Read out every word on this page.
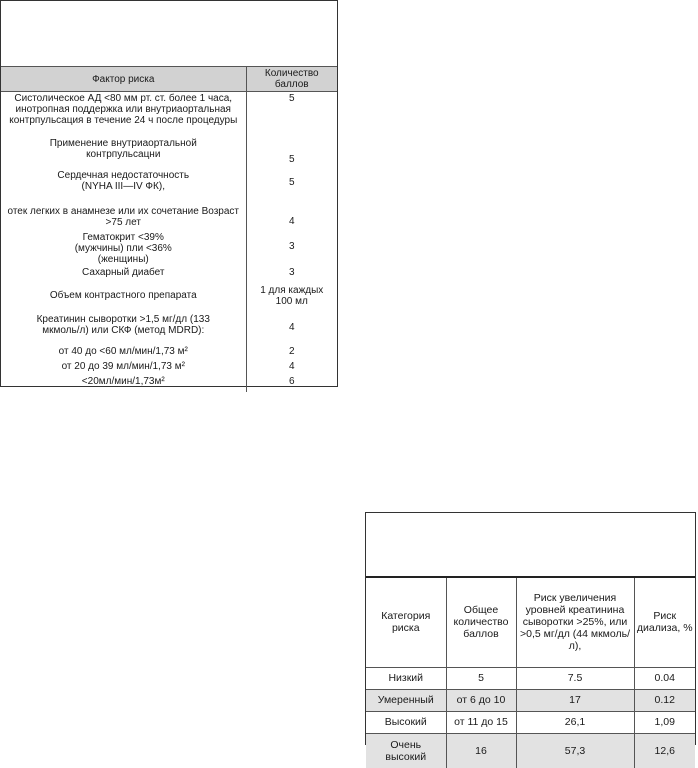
Фактор риска	Количество баллов
Систолическое АД <80 мм рт. ст. более 1 часа, инотропная поддержка или внутриаортальная контрпульсация в течение 24 ч после процедуры	5
Применение внутриаортальной контрпульсацни	5
Сердечная недостаточность (NYHA III—IV ФК),	5
отек легких в анамнезе или их сочетание Возраст >75 лет	4
Гематокрит <39% (мужчины) пли <36% (женщины)	3
Сахарный диабет	3
Объем контрастного препарата	1 для каждых 100 мл
Креатинин сыворотки >1,5 мг/дл (133 мкмоль/л) или СКФ (метод MDRD):	4
от 40 до <60 мл/мин/1,73 м²	2
от 20 до 39 мл/мин/1,73 м²	4
<20мл/мин/1,73м²	6
Категория риска	Общее количество баллов	Риск увеличения уровней креатинина сыворотки >25%, или >0,5 мг/дл (44 мкмоль/л),	Риск диализа, %
Низкий	5	7.5	0.04
Умеренный	от 6 до 10	17	0.12
Высокий	от 11 до 15	26,1	1,09
Очень высокий	16	57,3	12,6
